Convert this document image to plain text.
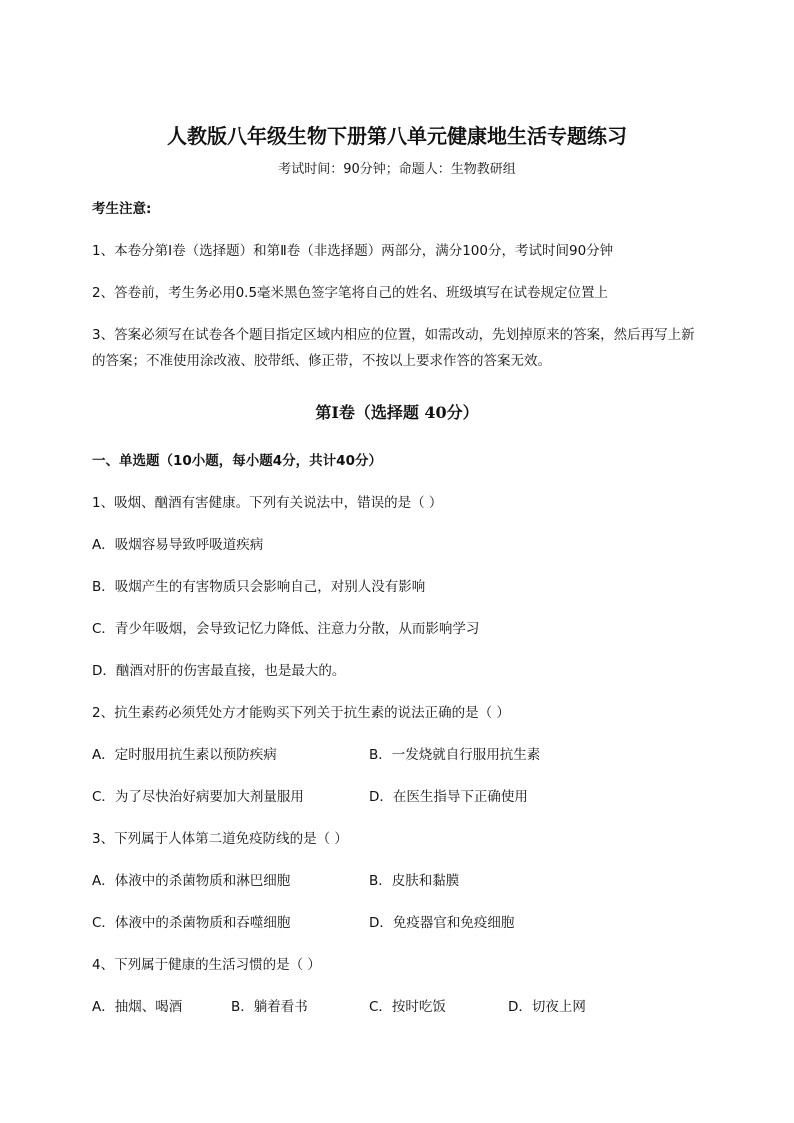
人教版八年级生物下册第八单元健康地生活专题练习
考试时间：90分钟；命题人：生物教研组
考生注意:
1、本卷分第I卷（选择题）和第Ⅱ卷（非选择题）两部分，满分100分，考试时间90分钟
2、答卷前，考生务必用0.5毫米黑色签字笔将自己的姓名、班级填写在试卷规定位置上
3、答案必须写在试卷各个题目指定区域内相应的位置，如需改动，先划掉原来的答案，然后再写上新
的答案；不准使用涂改液、胶带纸、修正带，不按以上要求作答的答案无效。
第I卷（选择题 40分）
一、单选题（10小题，每小题4分，共计40分）
1、吸烟、酗酒有害健康。下列有关说法中，错误的是（ ）
A．吸烟容易导致呼吸道疾病
B．吸烟产生的有害物质只会影响自己，对别人没有影响
C．青少年吸烟，会导致记忆力降低、注意力分散，从而影响学习
D．酗酒对肝的伤害最直接，也是最大的。
2、抗生素药必须凭处方才能购买下列关于抗生素的说法正确的是（ ）
A．定时服用抗生素以预防疾病	B．一发烧就自行服用抗生素
C．为了尽快治好病要加大剂量服用	D．在医生指导下正确使用
3、下列属于人体第二道免疫防线的是（ ）
A．体液中的杀菌物质和淋巴细胞	B．皮肤和黏膜
C．体液中的杀菌物质和吞噬细胞	D．免疫器官和免疫细胞
4、下列属于健康的生活习惯的是（ ）
A．抽烟、喝酒	B．躺着看书	C．按时吃饭	D．切夜上网
